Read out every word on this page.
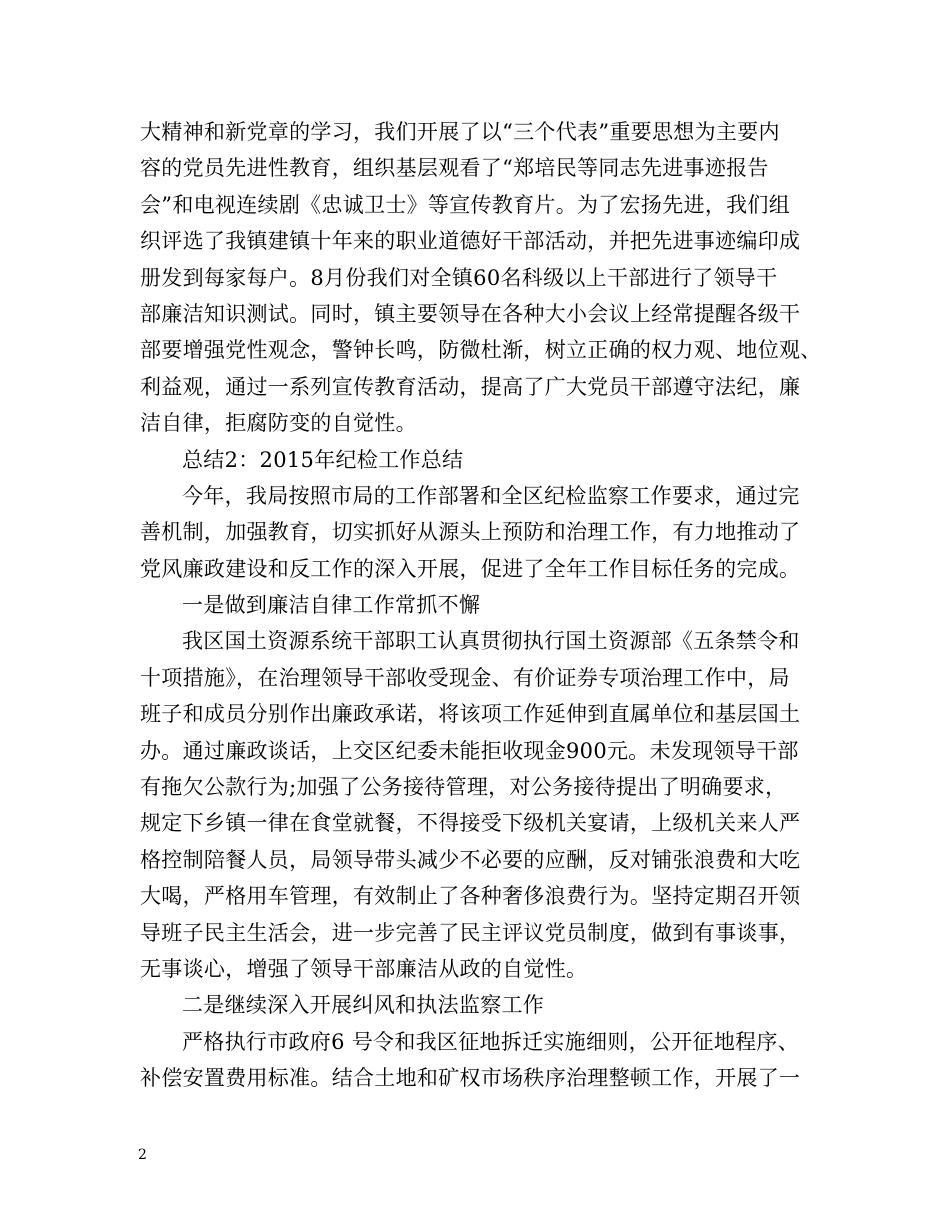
大精神和新党章的学习，我们开展了以“三个代表”重要思想为主要内
容的党员先进性教育，组织基层观看了“郑培民等同志先进事迹报告
会”和电视连续剧《忠诚卫士》等宣传教育片。为了宏扬先进，我们组
织评选了我镇建镇十年来的职业道德好干部活动，并把先进事迹编印成
册发到每家每户。8月份我们对全镇60名科级以上干部进行了领导干
部廉洁知识测试。同时，镇主要领导在各种大小会议上经常提醒各级干
部要增强党性观念，警钟长鸣，防微杜渐，树立正确的权力观、地位观、
利益观，通过一系列宣传教育活动，提高了广大党员干部遵守法纪，廉
洁自律，拒腐防变的自觉性。
总结2：2015年纪检工作总结
今年，我局按照市局的工作部署和全区纪检监察工作要求，通过完
善机制，加强教育，切实抓好从源头上预防和治理工作，有力地推动了
党风廉政建设和反工作的深入开展，促进了全年工作目标任务的完成。
一是做到廉洁自律工作常抓不懈
我区国土资源系统干部职工认真贯彻执行国土资源部《五条禁令和
十项措施》，在治理领导干部收受现金、有价证券专项治理工作中，局
班子和成员分别作出廉政承诺，将该项工作延伸到直属单位和基层国土
办。通过廉政谈话，上交区纪委未能拒收现金900元。未发现领导干部
有拖欠公款行为;加强了公务接待管理，对公务接待提出了明确要求，
规定下乡镇一律在食堂就餐，不得接受下级机关宴请，上级机关来人严
格控制陪餐人员，局领导带头减少不必要的应酬，反对铺张浪费和大吃
大喝，严格用车管理，有效制止了各种奢侈浪费行为。坚持定期召开领
导班子民主生活会，进一步完善了民主评议党员制度，做到有事谈事，
无事谈心，增强了领导干部廉洁从政的自觉性。
二是继续深入开展纠风和执法监察工作
严格执行市政府6 号令和我区征地拆迁实施细则，公开征地程序、
补偿安置费用标准。结合土地和矿权市场秩序治理整顿工作，开展了一
2
